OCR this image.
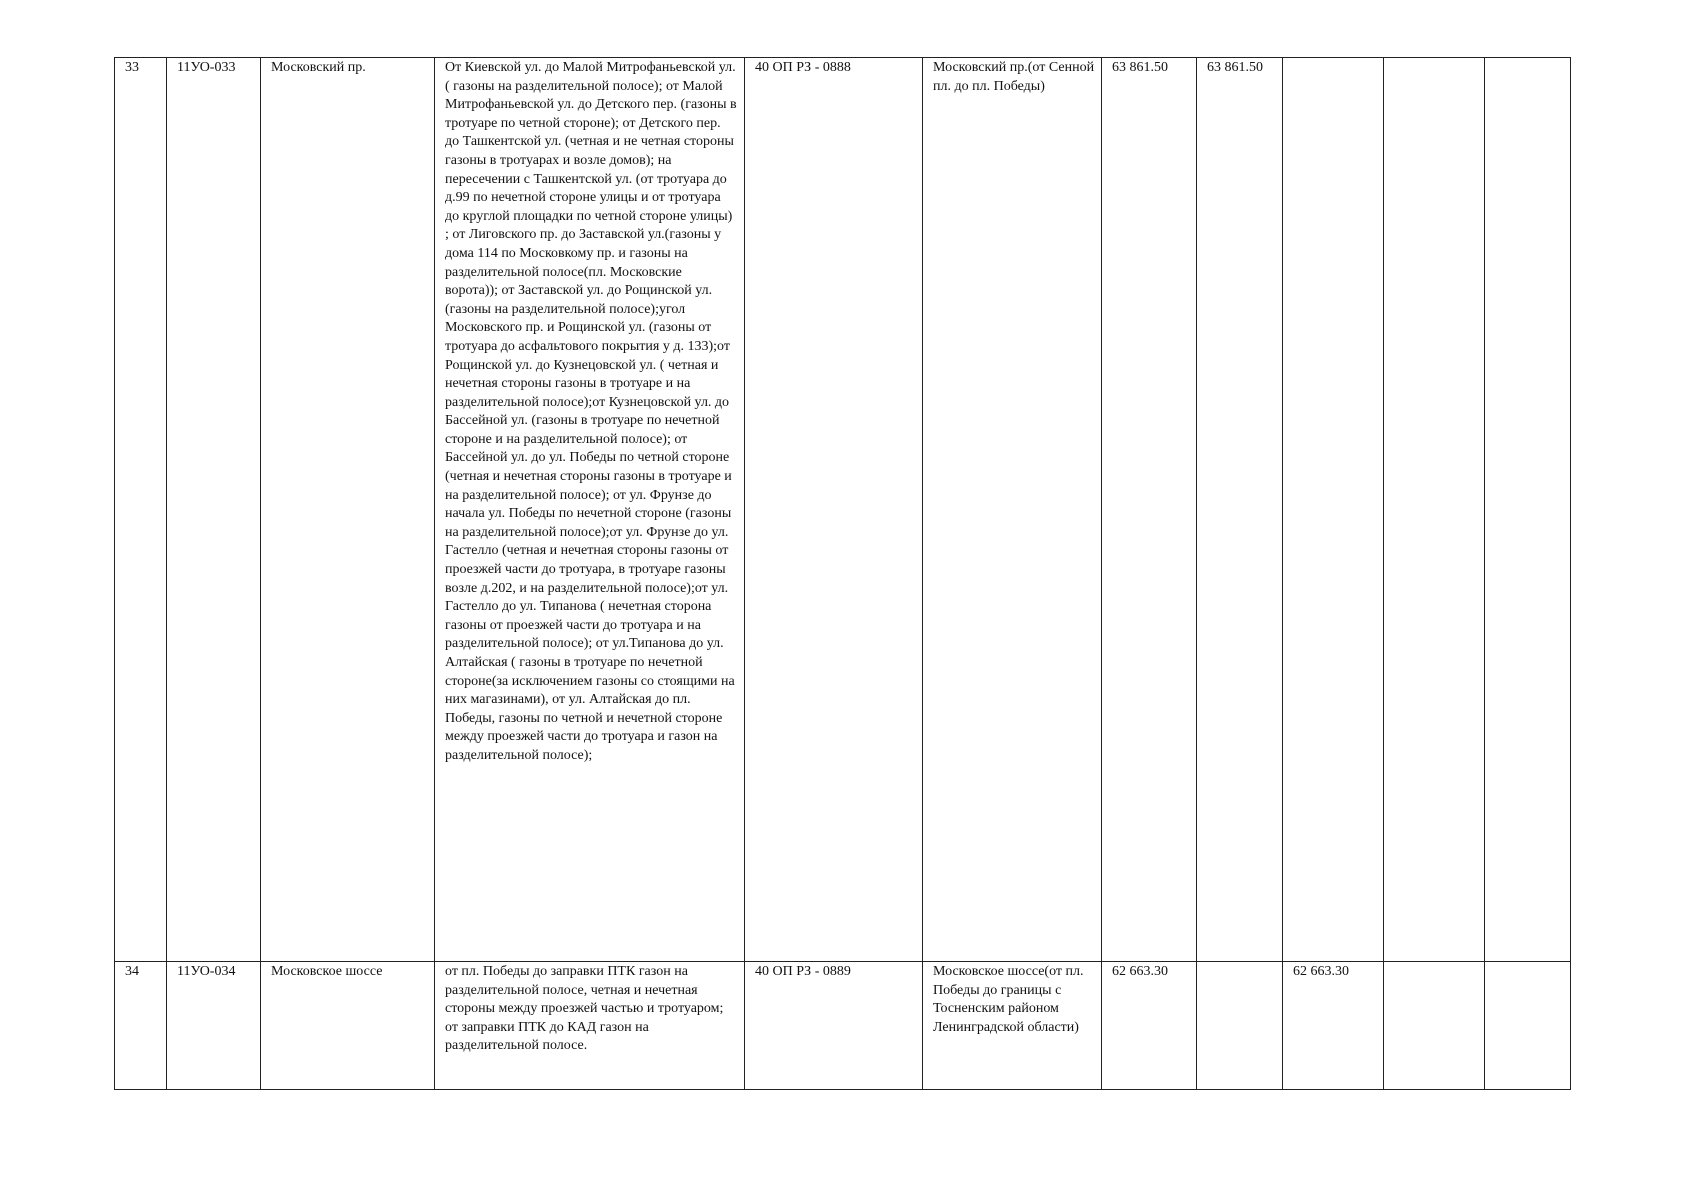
33	11УО-033	Московский пр.	От Киевской ул. до Малой Митрофаньевской ул.( газоны на разделительной полосе); от Малой Митрофаньевской ул. до Детского пер. (газоны в тротуаре по четной стороне); от Детского пер. до Ташкентской ул. (четная и не четная стороны газоны в тротуарах и возле домов); на пересечении с Ташкентской ул. (от тротуара до д.99 по нечетной стороне улицы и от тротуара до круглой площадки по четной стороне улицы) ; от Лиговского пр. до Заставской ул.(газоны у дома 114 по Московкому пр. и газоны на разделительной полосе(пл. Московские ворота)); от Заставской ул. до Рощинской ул. (газоны на разделительной полосе);угол Московского пр. и Рощинской ул. (газоны от тротуара до асфальтового покрытия у д. 133);от Рощинской ул. до Кузнецовской ул. ( четная и нечетная стороны газоны в тротуаре и на разделительной полосе);от Кузнецовской ул. до Бассейной ул. (газоны в тротуаре по нечетной стороне и на разделительной полосе); от Бассейной ул. до ул. Победы по четной стороне (четная и нечетная стороны газоны в тротуаре и на разделительной полосе); от ул. Фрунзе до начала ул. Победы по нечетной стороне (газоны на разделительной полосе);от ул. Фрунзе до ул. Гастелло (четная и нечетная стороны газоны от проезжей части до тротуара, в тротуаре газоны возле д.202, и на разделительной полосе);от ул. Гастелло до ул. Типанова ( нечетная сторона газоны от проезжей части до тротуара и на разделительной полосе); от ул.Типанова до ул. Алтайская ( газоны в тротуаре по нечетной стороне(за исключением газоны со стоящими на них магазинами), от ул. Алтайская до пл. Победы, газоны по четной и нечетной стороне между проезжей части до тротуара и газон на разделительной полосе);	40 ОП РЗ - 0888	Московский пр.(от Сенной пл. до пл. Победы)	63 861.50	63 861.50			
34	11УО-034	Московское шоссе	от пл. Победы до заправки ПТК газон на разделительной полосе, четная и нечетная стороны между проезжей частью и тротуаром; от заправки ПТК до КАД газон на разделительной полосе.	40 ОП РЗ - 0889	Московское шоссе(от пл. Победы до границы с Тосненским районом Ленинградской области)	62 663.30		62 663.30		
